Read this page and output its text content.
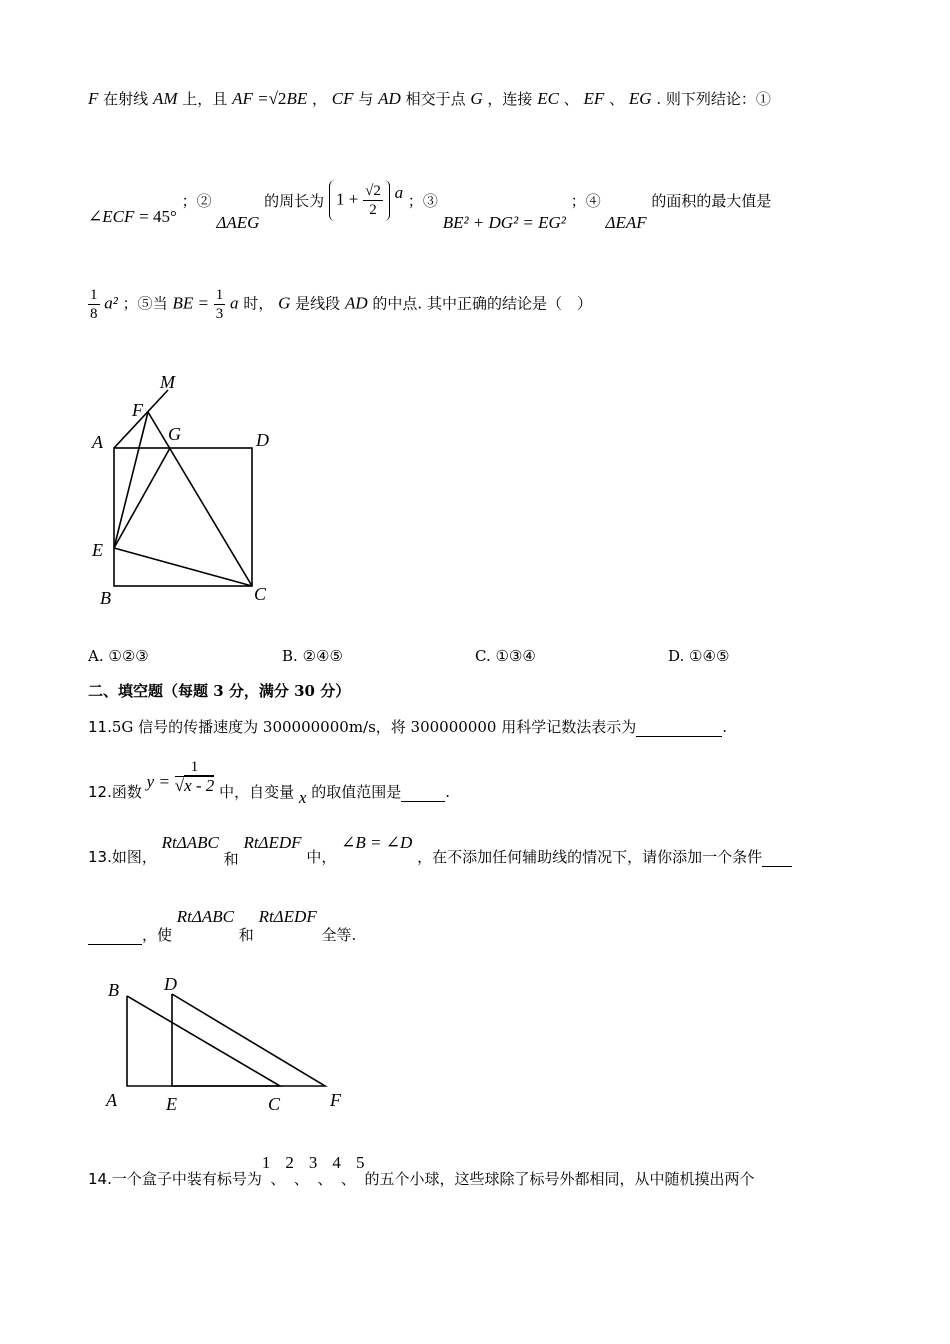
F 在射线 AM 上，且 AF =√2BE ， CF 与 AD 相交于点 G ，连接 EC 、 EF 、 EG . 则下列结论：①
∠ECF = 45° ；② ΔAEG 的周长为 $1 + \frac{√2}{2}$ a ；③ BE² + DG² = EG² ；④ ΔEAF 的面积的最大值是
$\frac{1}{8} a^2$ ；⑤当 BE = $\frac{1}{3}$ a 时， G 是线段 AD 的中点. 其中正确的结论是（　）
M
F
G
A	D
E
B	C
A. ①②③	B. ②④⑤	C. ①③④	D. ①④⑤
二、填空题（每题 3 分，满分 30 分）
11.5G 信号的传播速度为 300000000m/s，将 300000000 用科学记数法表示为	.
12.函数 $y = \frac{1}{√x - 2}$ 中，自变量 x 的取值范围是	.
13.如图， RtΔABC 和 RtΔEDF 中， ∠B = ∠D ，在不添加任何辅助线的情况下，请你添加一个条件
，使 RtΔABC 和 RtΔEDF 全等.
B	D
A	E	C	F
14.一个盒子中装有标号为1、2、3、4、5的五个小球，这些球除了标号外都相同，从中随机摸出两个
